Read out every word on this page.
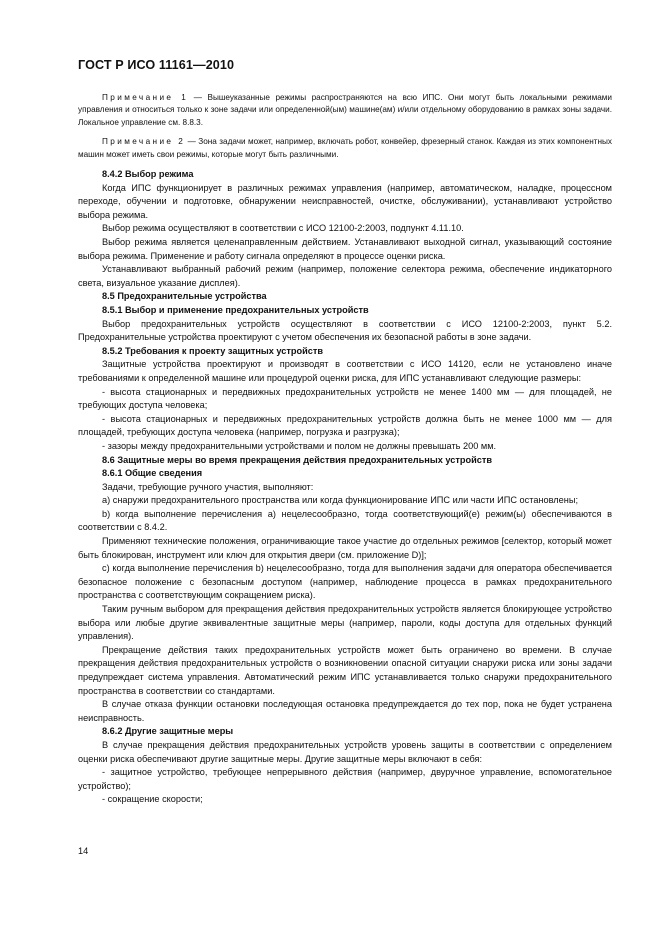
ГОСТ Р ИСО 11161—2010

Примечание 1 — Вышеуказанные режимы распространяются на всю ИПС. Они могут быть локальными режимами управления и относиться только к зоне задачи или определенной(ым) машине(ам) и/или отдельному оборудованию в рамках зоны задачи. Локальное управление см. 8.8.3.

Примечание 2 — Зона задачи может, например, включать робот, конвейер, фрезерный станок. Каждая из этих компонентных машин может иметь свои режимы, которые могут быть различными.

8.4.2 Выбор режима

Когда ИПС функционирует в различных режимах управления (например, автоматическом, наладке, процессном переходе, обучении и подготовке, обнаружении неисправностей, очистке, обслуживании), устанавливают устройство выбора режима.

Выбор режима осуществляют в соответствии с ИСО 12100-2:2003, подпункт 4.11.10.

Выбор режима является целенаправленным действием. Устанавливают выходной сигнал, указывающий состояние выбора режима. Применение и работу сигнала определяют в процессе оценки риска.

Устанавливают выбранный рабочий режим (например, положение селектора режима, обеспечение индикаторного света, визуальное указание дисплея).

8.5 Предохранительные устройства
8.5.1 Выбор и применение предохранительных устройств

Выбор предохранительных устройств осуществляют в соответствии с ИСО 12100-2:2003, пункт 5.2. Предохранительные устройства проектируют с учетом обеспечения их безопасной работы в зоне задачи.

8.5.2 Требования к проекту защитных устройств

Защитные устройства проектируют и производят в соответствии с ИСО 14120, если не установлено иначе требованиями к определенной машине или процедурой оценки риска, для ИПС устанавливают следующие размеры:

- высота стационарных и передвижных предохранительных устройств не менее 1400 мм — для площадей, не требующих доступа человека;

- высота стационарных и передвижных предохранительных устройств должна быть не менее 1000 мм — для площадей, требующих доступа человека (например, погрузка и разгрузка);

- зазоры между предохранительными устройствами и полом не должны превышать 200 мм.

8.6 Защитные меры во время прекращения действия предохранительных устройств
8.6.1 Общие сведения

Задачи, требующие ручного участия, выполняют:

а) снаружи предохранительного пространства или когда функционирование ИПС или части ИПС остановлены;

b) когда выполнение перечисления а) нецелесообразно, тогда соответствующий(е) режим(ы) обеспечиваются в соответствии с 8.4.2.

Применяют технические положения, ограничивающие такое участие до отдельных режимов [селектор, который может быть блокирован, инструмент или ключ для открытия двери (см. приложение D)];

с) когда выполнение перечисления b) нецелесообразно, тогда для выполнения задачи для оператора обеспечивается безопасное положение с безопасным доступом (например, наблюдение процесса в рамках предохранительного пространства с соответствующим сокращением риска).

Таким ручным выбором для прекращения действия предохранительных устройств является блокирующее устройство выбора или любые другие эквивалентные защитные меры (например, пароли, коды доступа для отдельных функций управления).

Прекращение действия таких предохранительных устройств может быть ограничено во времени. В случае прекращения действия предохранительных устройств о возникновении опасной ситуации снаружи риска или зоны задачи предупреждает система управления. Автоматический режим ИПС устанавливается только снаружи предохранительного пространства в соответствии со стандартами.

В случае отказа функции остановки последующая остановка предупреждается до тех пор, пока не будет устранена неисправность.

8.6.2 Другие защитные меры

В случае прекращения действия предохранительных устройств уровень защиты в соответствии с определением оценки риска обеспечивают другие защитные меры. Другие защитные меры включают в себя:

- защитное устройство, требующее непрерывного действия (например, двуручное управление, вспомогательное устройство);

- сокращение скорости;

14
